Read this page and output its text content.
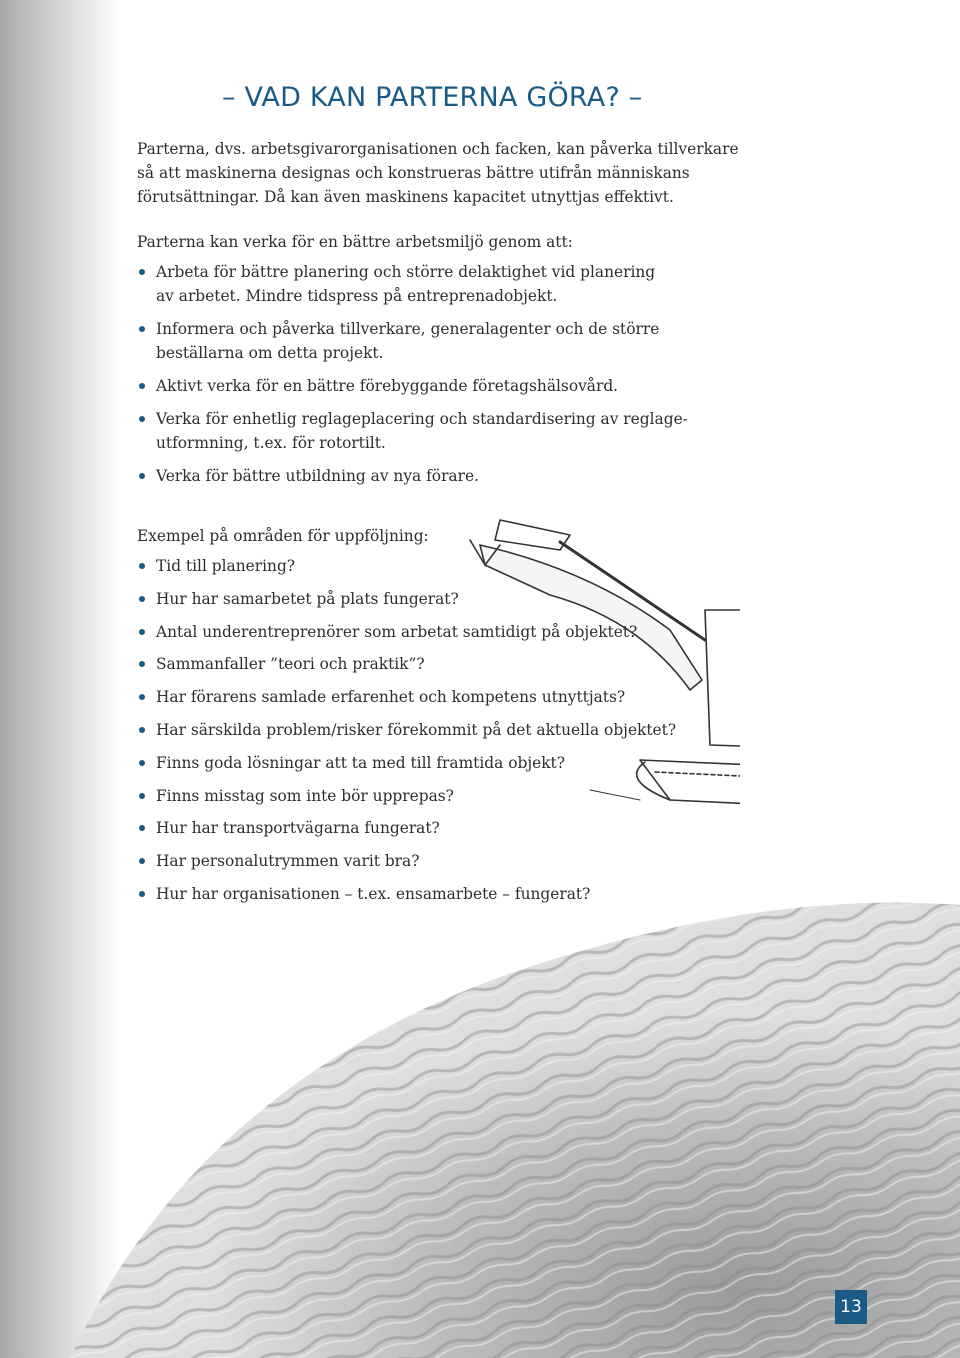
– VAD KAN PARTERNA GÖRA? –
Parterna, dvs. arbetsgivarorganisationen och facken, kan påverka tillverkare
så att maskinerna designas och konstrueras bättre utifrån människans
förutsättningar. Då kan även maskinens kapacitet utnyttjas effektivt.
Parterna kan verka för en bättre arbetsmiljö genom att:
Arbeta för bättre planering och större delaktighet vid planering
av arbetet. Mindre tidspress på entreprenadobjekt.
Informera och påverka tillverkare, generalagenter och de större
beställarna om detta projekt.
Aktivt verka för en bättre förebyggande företagshälsovård.
Verka för enhetlig reglageplacering och standardisering av reglage-
utformning, t.ex. för rotortilt.
Verka för bättre utbildning av nya förare.
Exempel på områden för uppföljning:
Tid till planering?
Hur har samarbetet på plats fungerat?
Antal underentreprenörer som arbetat samtidigt på objektet?
Sammanfaller ”teori och praktik”?
Har förarens samlade erfarenhet och kompetens utnyttjats?
Har särskilda problem/risker förekommit på det aktuella objektet?
Finns goda lösningar att ta med till framtida objekt?
Finns misstag som inte bör upprepas?
Hur har transportvägarna fungerat?
Har personalutrymmen varit bra?
Hur har organisationen – t.ex. ensamarbete – fungerat?
13
